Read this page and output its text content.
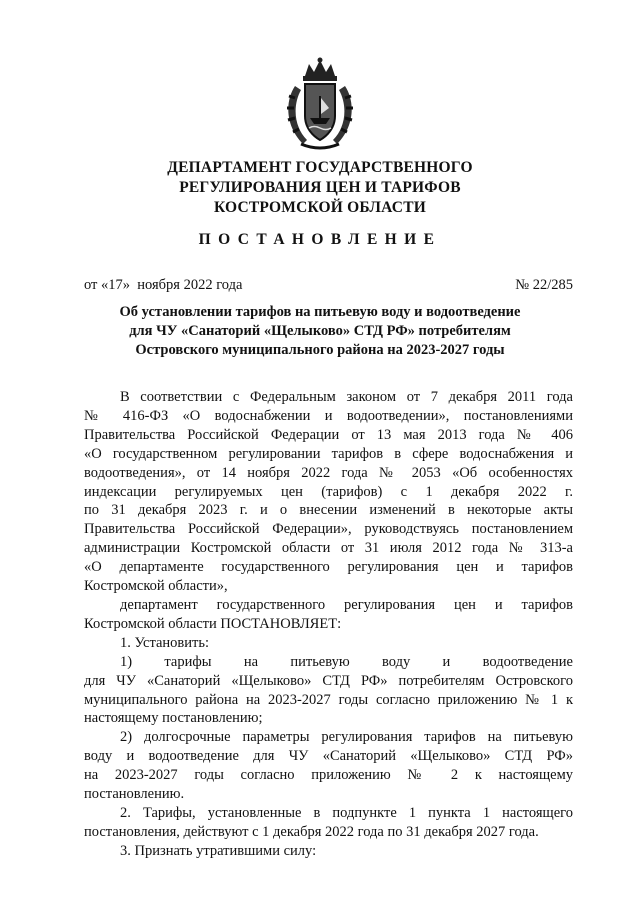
ДЕПАРТАМЕНТ ГОСУДАРСТВЕННОГО
РЕГУЛИРОВАНИЯ ЦЕН И ТАРИФОВ
КОСТРОМСКОЙ ОБЛАСТИ
ПОСТАНОВЛЕНИЕ
от «17»  ноября 2022 года	№ 22/285
Об установлении тарифов на питьевую воду и водоотведение
для ЧУ «Санаторий «Щелыково» СТД РФ» потребителям
Островского муниципального района на 2023-2027 годы

В соответствии с Федеральным законом от 7 декабря 2011 года

№ 416-ФЗ «О водоснабжении и водоотведении», постановлениями

Правительства Российской Федерации от 13 мая 2013 года № 406

«О государственном регулировании тарифов в сфере водоснабжения и

водоотведения», от 14 ноября 2022 года № 2053 «Об особенностях

индексации регулируемых цен (тарифов) с 1 декабря 2022 г.

по 31 декабря 2023 г. и о внесении изменений в некоторые акты

Правительства Российской Федерации», руководствуясь постановлением

администрации Костромской области от 31 июля 2012 года № 313-а

«О департаменте государственного регулирования цен и тарифов

Костромской области»,

департамент государственного регулирования цен и тарифов

Костромской области ПОСТАНОВЛЯЕТ:

1. Установить:

1) тарифы на питьевую воду и водоотведение

для ЧУ «Санаторий «Щелыково» СТД РФ» потребителям Островского

муниципального района на 2023-2027 годы согласно приложению № 1 к

настоящему постановлению;

2) долгосрочные параметры регулирования тарифов на питьевую

воду и водоотведение для ЧУ «Санаторий «Щелыково» СТД РФ»

на 2023-2027 годы согласно приложению № 2 к настоящему

постановлению.

2. Тарифы, установленные в подпункте 1 пункта 1 настоящего

постановления, действуют с 1 декабря 2022 года по 31 декабря 2027 года.

3. Признать утратившими силу:
